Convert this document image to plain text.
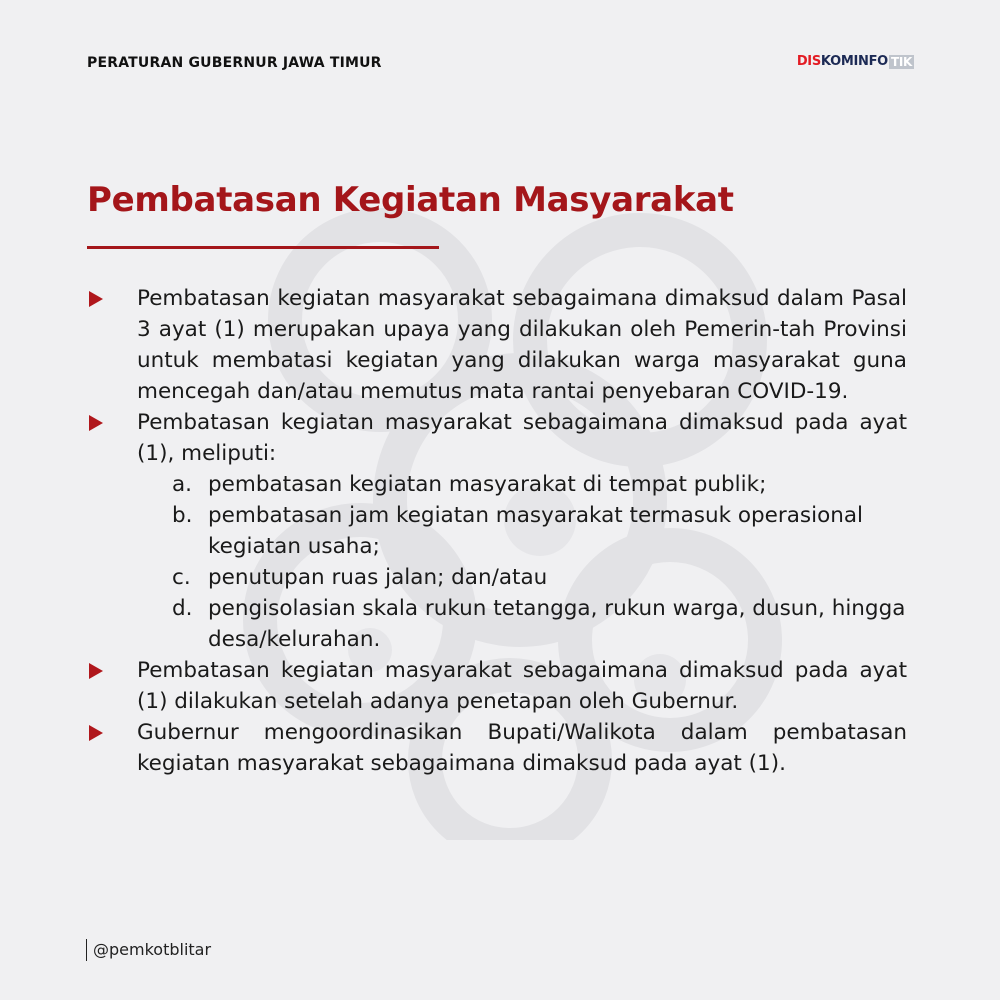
PERATURAN GUBERNUR JAWA TIMUR	DIS KOMINFO TIK
Pembatasan Kegiatan Masyarakat
Pembatasan kegiatan masyarakat sebagaimana dimaksud dalam Pasal 3 ayat (1) merupakan upaya yang dilakukan oleh Pemerin-tah Provinsi untuk membatasi kegiatan yang dilakukan warga masyarakat guna mencegah dan/atau memutus mata rantai penyebaran COVID-19.
Pembatasan kegiatan masyarakat sebagaimana dimaksud pada ayat (1), meliputi:
a. pembatasan kegiatan masyarakat di tempat publik;
b. pembatasan jam kegiatan masyarakat termasuk operasional kegiatan usaha;
c. penutupan ruas jalan; dan/atau
d. pengisolasian skala rukun tetangga, rukun warga, dusun, hingga desa/kelurahan.
Pembatasan kegiatan masyarakat sebagaimana dimaksud pada ayat (1) dilakukan setelah adanya penetapan oleh Gubernur.
Gubernur mengoordinasikan Bupati/Walikota dalam pembatasan kegiatan masyarakat sebagaimana dimaksud pada ayat (1).
@pemkotblitar
